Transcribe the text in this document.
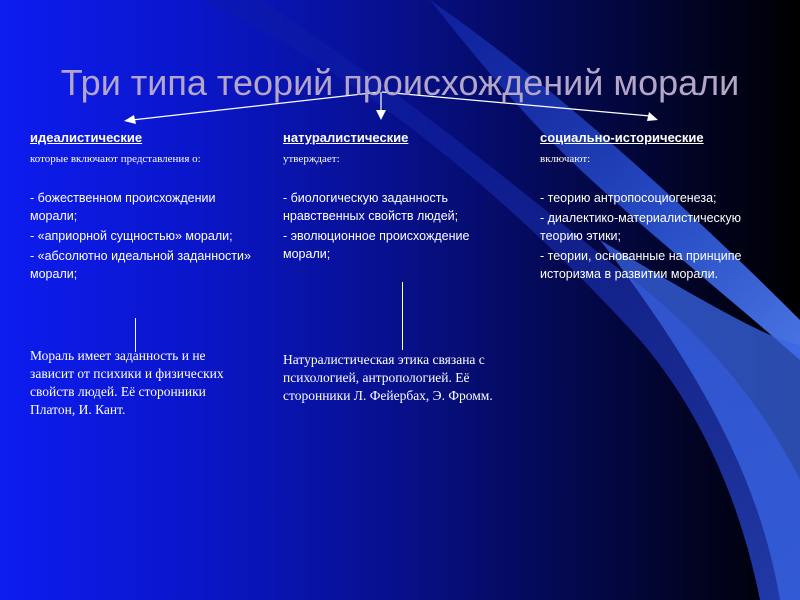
Три типа теорий происхождений морали

идеалистические

которые включают представления о:

- божественном происхождении морали;

- «априорной сущностью» морали;

- «абсолютно идеальной заданности» морали;

Мораль имеет заданность и не зависит от психики и физических свойств людей. Её сторонники Платон, И. Кант.

натуралистические

утверждает:

- биологическую заданность нравственных свойств людей;

- эволюционное происхождение морали;

Натуралистическая этика связана с психологией, антропологией. Её сторонники Л. Фейербах, Э. Фромм.

социально-исторические

включают:

- теорию антропосоциогенеза;

- диалектико-материалистическую теорию этики;

- теории, основанные на принципе историзма в развитии морали.
